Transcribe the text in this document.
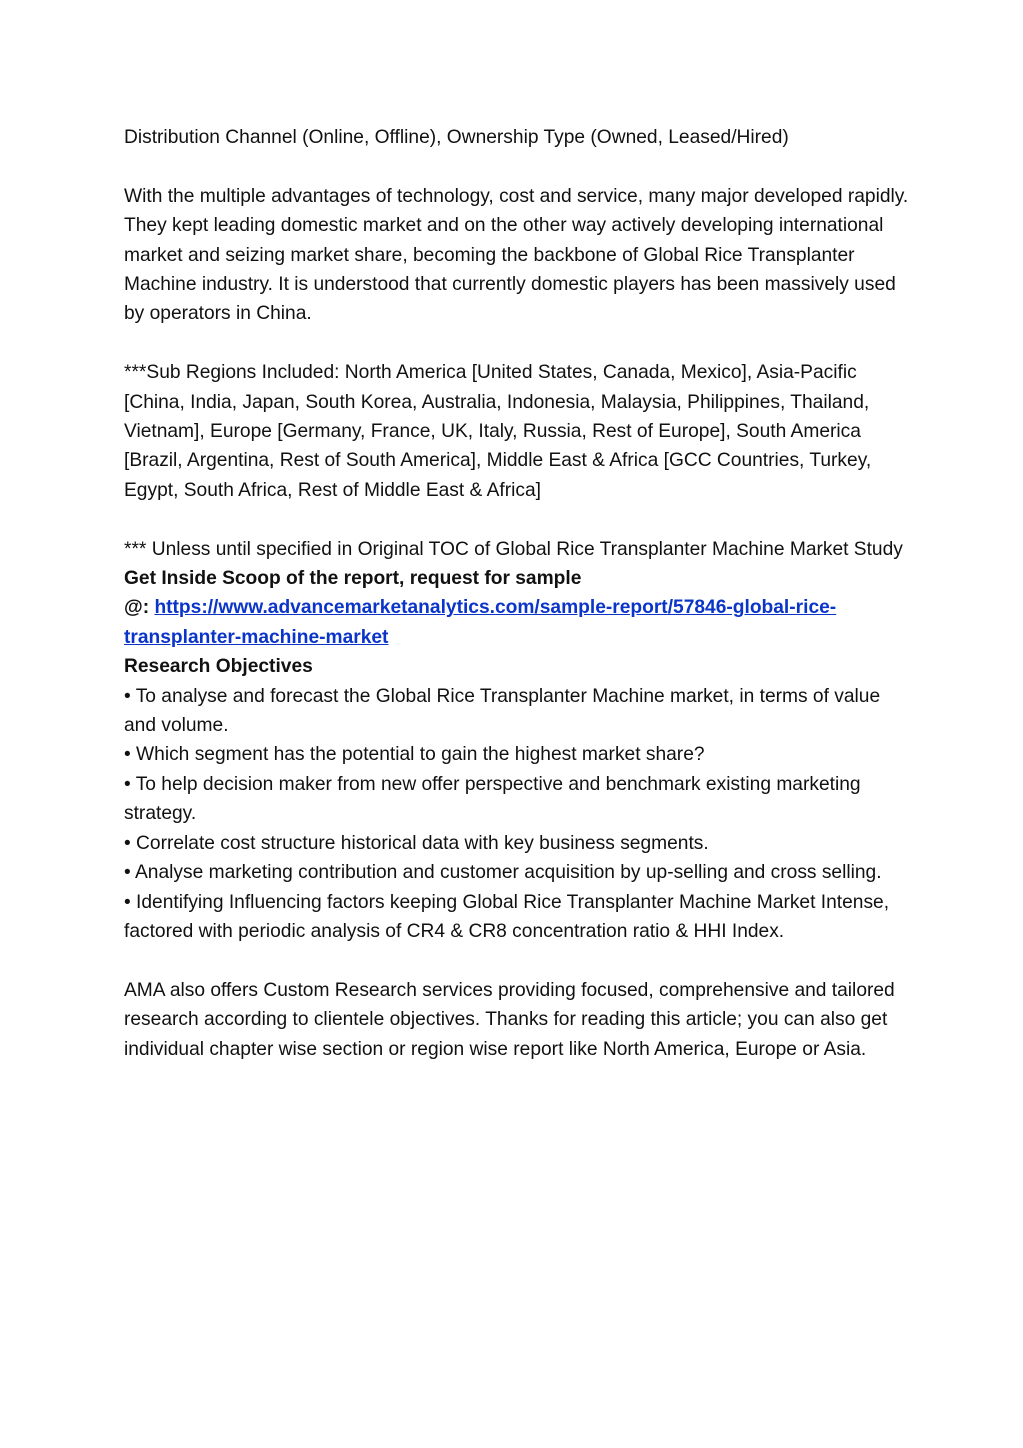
Distribution Channel (Online, Offline), Ownership Type (Owned, Leased/Hired)

With the multiple advantages of technology, cost and service, many major developed rapidly. They kept leading domestic market and on the other way actively developing international market and seizing market share, becoming the backbone of Global Rice Transplanter Machine industry. It is understood that currently domestic players has been massively used by operators in China.

***Sub Regions Included: North America [United States, Canada, Mexico], Asia-Pacific [China, India, Japan, South Korea, Australia, Indonesia, Malaysia, Philippines, Thailand, Vietnam], Europe [Germany, France, UK, Italy, Russia, Rest of Europe], South America [Brazil, Argentina, Rest of South America], Middle East & Africa [GCC Countries, Turkey, Egypt, South Africa, Rest of Middle East & Africa]

*** Unless until specified in Original TOC of Global Rice Transplanter Machine Market Study

Get Inside Scoop of the report, request for sample

@: https://www.advancemarketanalytics.com/sample-report/57846-global-rice-transplanter-machine-market

Research Objectives

• To analyse and forecast the Global Rice Transplanter Machine market, in terms of value and volume.

• Which segment has the potential to gain the highest market share?

• To help decision maker from new offer perspective and benchmark existing marketing strategy.

• Correlate cost structure historical data with key business segments.

• Analyse marketing contribution and customer acquisition by up-selling and cross selling.

• Identifying Influencing factors keeping Global Rice Transplanter Machine Market Intense, factored with periodic analysis of CR4 & CR8 concentration ratio & HHI Index.

AMA also offers Custom Research services providing focused, comprehensive and tailored research according to clientele objectives. Thanks for reading this article; you can also get individual chapter wise section or region wise report like North America, Europe or Asia.
